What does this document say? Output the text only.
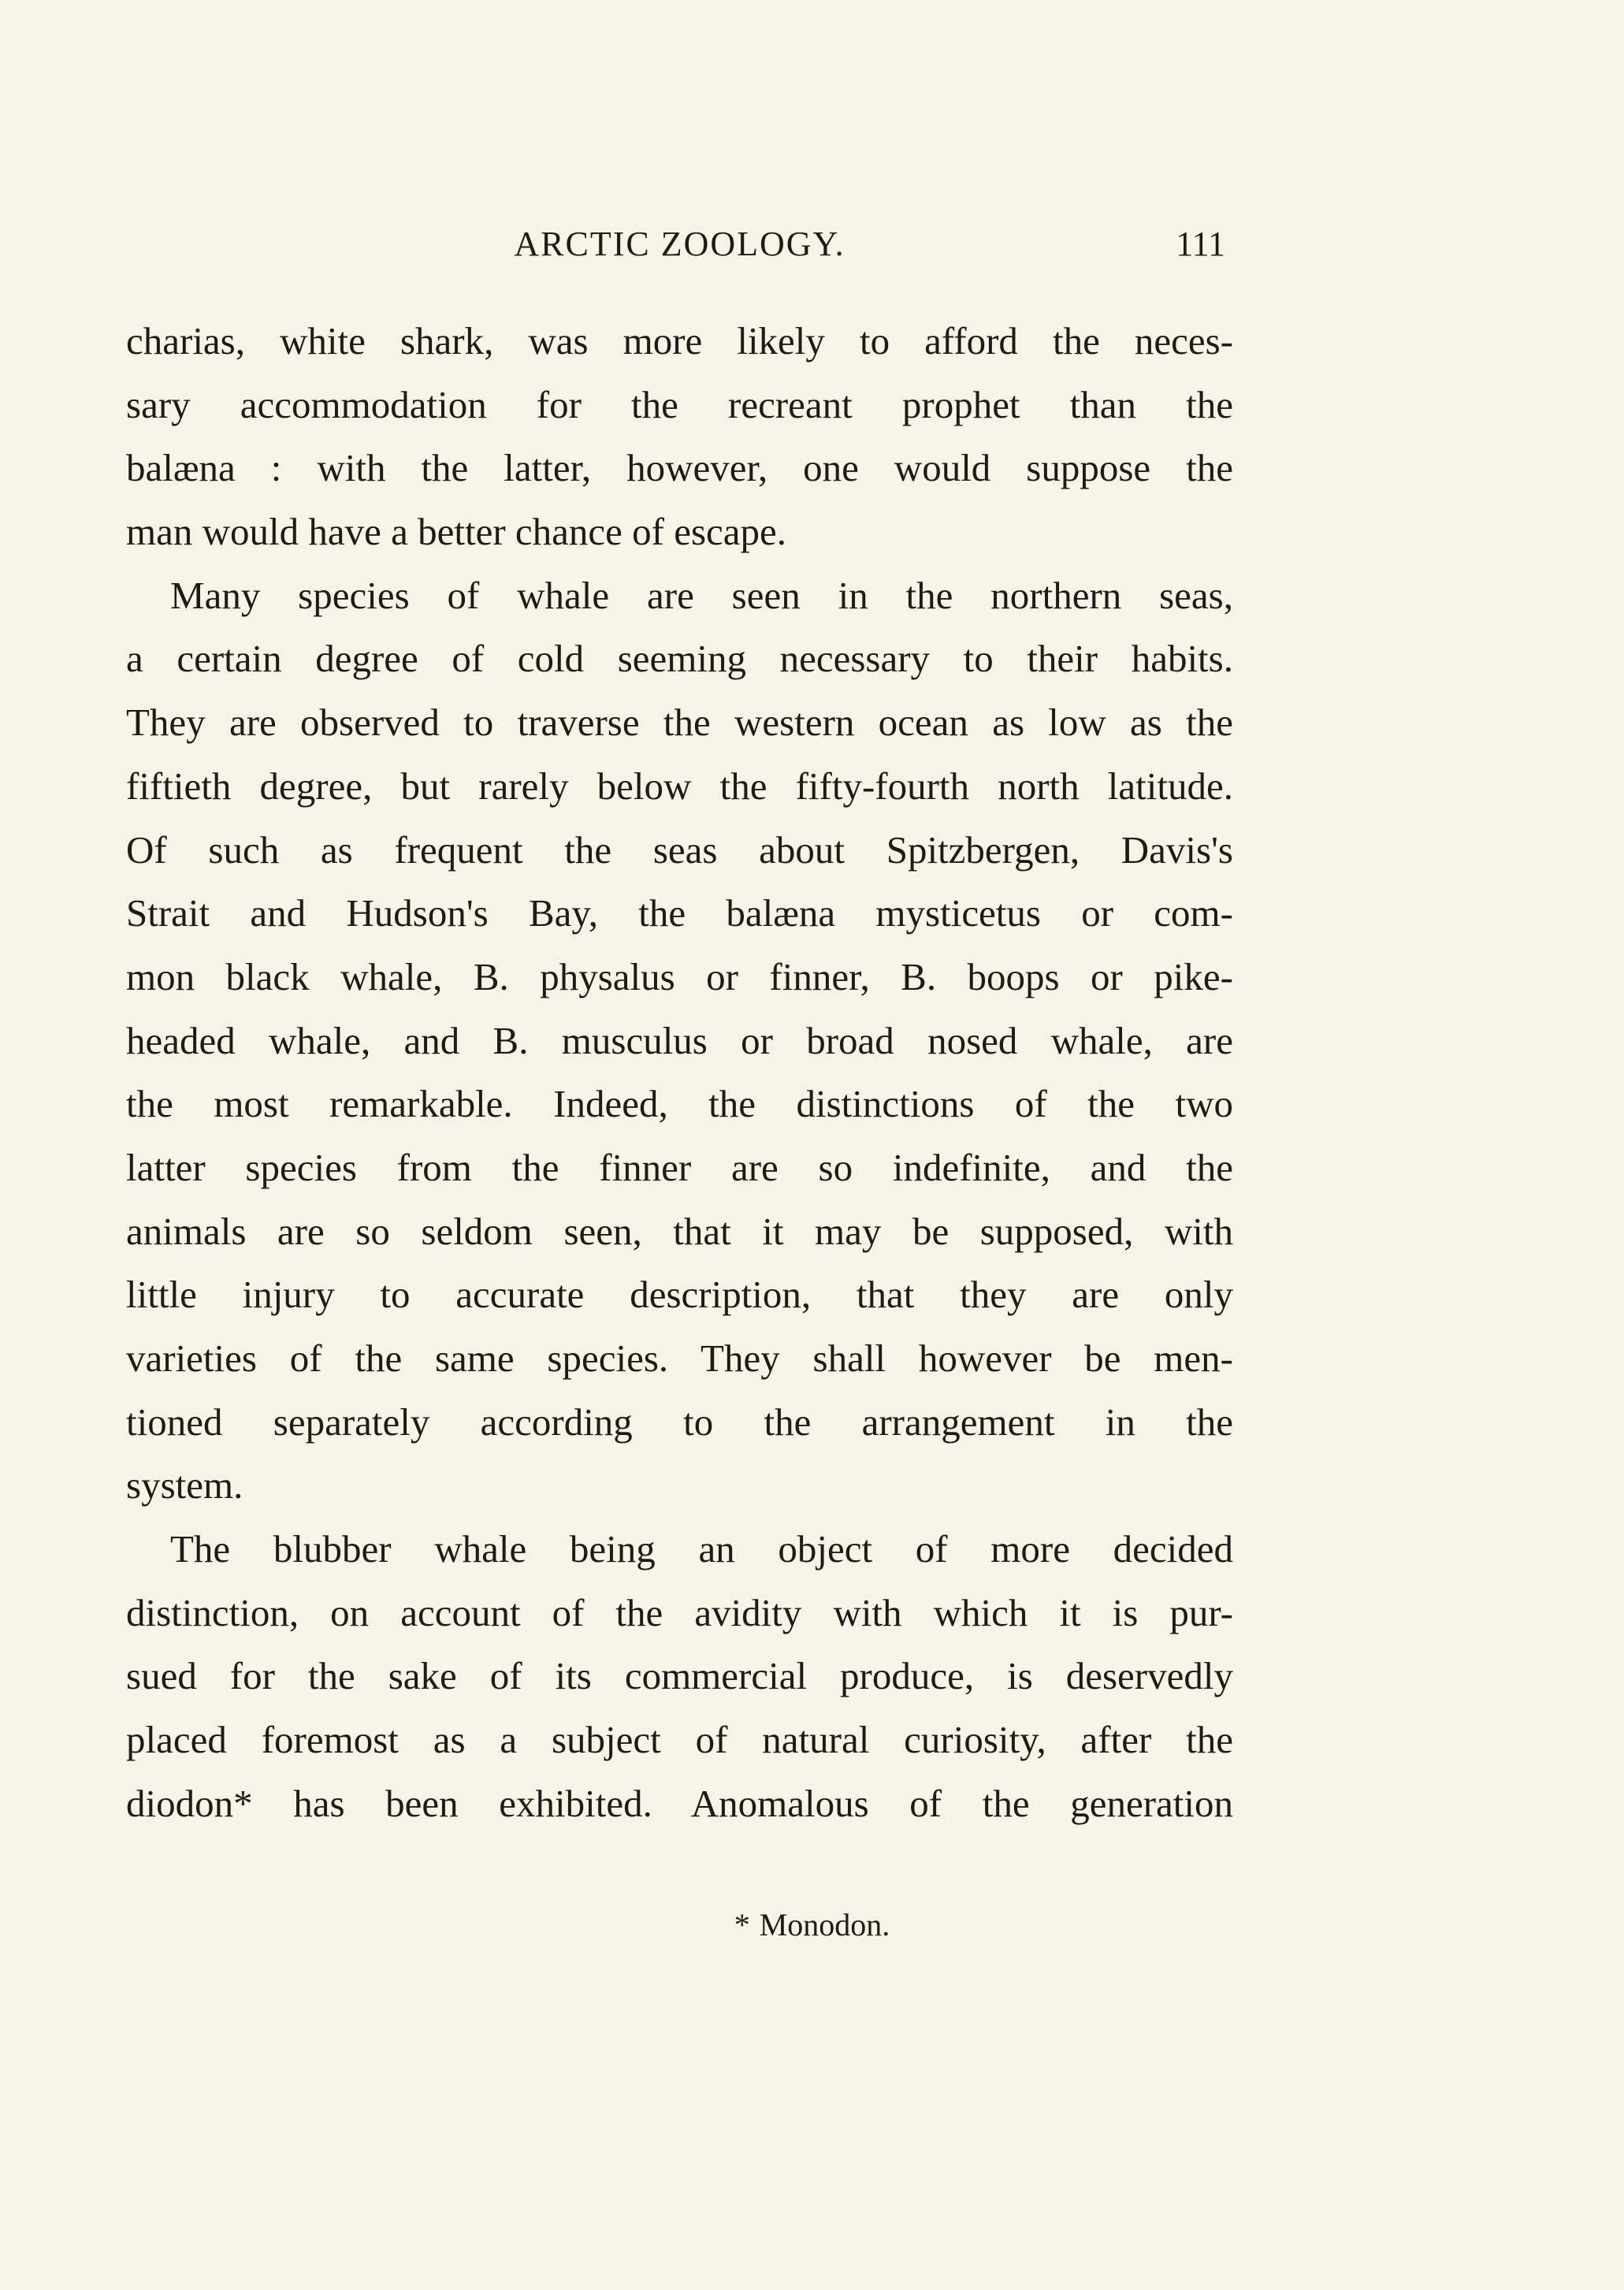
ARCTIC ZOOLOGY.	111
charias, white shark, was more likely to afford the neces-
sary accommodation for the recreant prophet than the
balæna : with the latter, however, one would suppose the
man would have a better chance of escape.
Many species of whale are seen in the northern seas,
a certain degree of cold seeming necessary to their habits.
They are observed to traverse the western ocean as low as the
fiftieth degree, but rarely below the fifty-fourth north latitude.
Of such as frequent the seas about Spitzbergen, Davis's
Strait and Hudson's Bay, the balæna mysticetus or com-
mon black whale, B. physalus or finner, B. boops or pike-
headed whale, and B. musculus or broad nosed whale, are
the most remarkable. Indeed, the distinctions of the two
latter species from the finner are so indefinite, and the
animals are so seldom seen, that it may be supposed, with
little injury to accurate description, that they are only
varieties of the same species. They shall however be men-
tioned separately according to the arrangement in the
system.
The blubber whale being an object of more decided
distinction, on account of the avidity with which it is pur-
sued for the sake of its commercial produce, is deservedly
placed foremost as a subject of natural curiosity, after the
diodon* has been exhibited. Anomalous of the generation
* Monodon.
